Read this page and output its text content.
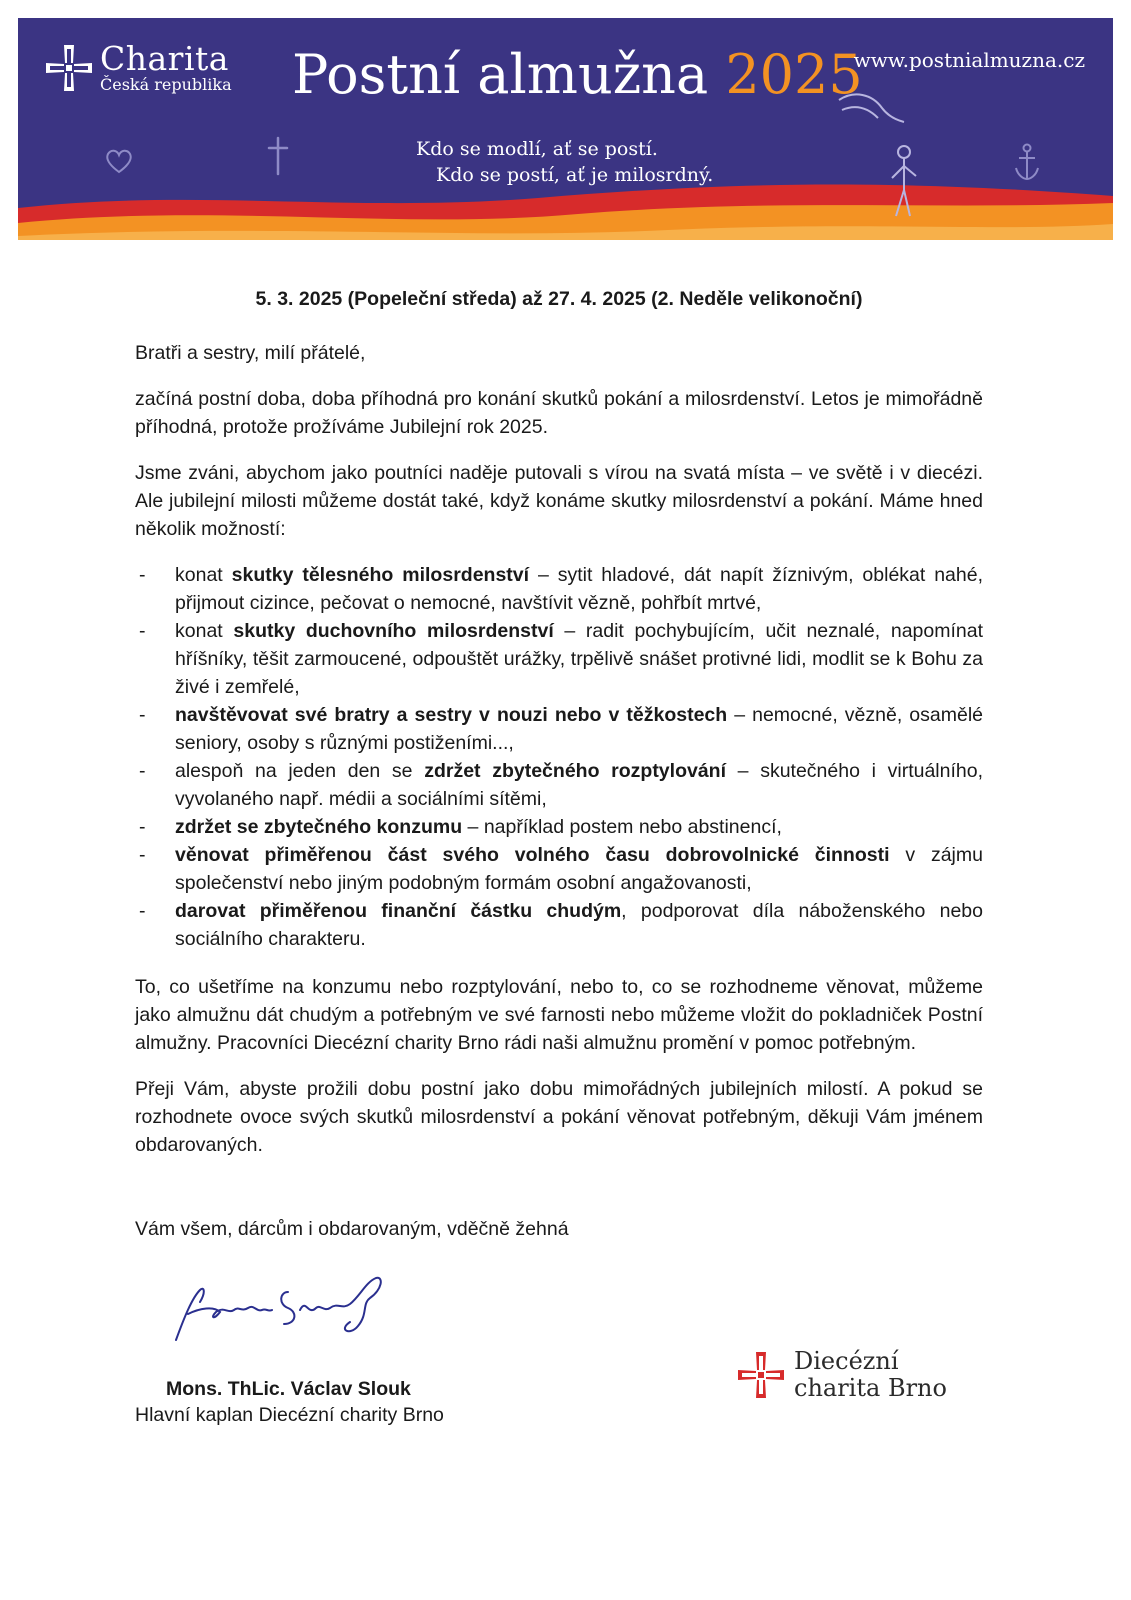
Charita
Česká republika Postní almužna 2025
www.postnialmuzna.cz
Kdo se modlí, ať se postí.
Kdo se postí, ať je milosrdný.
5. 3. 2025 (Popeleční středa) až 27. 4. 2025 (2. Neděle velikonoční)

Bratři a sestry, milí přátelé,

začíná postní doba, doba příhodná pro konání skutků pokání a milosrdenství. Letos je mimořádně příhodná, protože prožíváme Jubilejní rok 2025.

Jsme zváni, abychom jako poutníci naděje putovali s vírou na svatá místa – ve světě i v diecézi. Ale jubilejní milosti můžeme dostát také, když konáme skutky milosrdenství a pokání. Máme hned několik možností:

- konat skutky tělesného milosrdenství – sytit hladové, dát napít žíznivým, oblékat nahé, přijmout cizince, pečovat o nemocné, navštívit vězně, pohřbít mrtvé,
- konat skutky duchovního milosrdenství – radit pochybujícím, učit neznalé, napomínat hříšníky, těšit zarmoucené, odpouštět urážky, trpělivě snášet protivné lidi, modlit se k Bohu za živé i zemřelé,
- navštěvovat své bratry a sestry v nouzi nebo v těžkostech – nemocné, vězně, osamělé seniory, osoby s různými postiženími...,
- alespoň na jeden den se zdržet zbytečného rozptylování – skutečného i virtuálního, vyvolaného např. médii a sociálními sítěmi,
- zdržet se zbytečného konzumu – například postem nebo abstinencí,
- věnovat přiměřenou část svého volného času dobrovolnické činnosti v zájmu společenství nebo jiným podobným formám osobní angažovanosti,
- darovat přiměřenou finanční částku chudým, podporovat díla náboženského nebo sociálního charakteru.

To, co ušetříme na konzumu nebo rozptylování, nebo to, co se rozhodneme věnovat, můžeme jako almužnu dát chudým a potřebným ve své farnosti nebo můžeme vložit do pokladniček Postní almužny. Pracovníci Diecézní charity Brno rádi naši almužnu promění v pomoc potřebným.

Přeji Vám, abyste prožili dobu postní jako dobu mimořádných jubilejních milostí. A pokud se rozhodnete ovoce svých skutků milosrdenství a pokání věnovat potřebným, děkuji Vám jménem obdarovaných.

Vám všem, dárcům i obdarovaným, vděčně žehná
Mons. ThLic. Václav Slouk
Hlavní kaplan Diecézní charity Brno
Diecézní
charita Brno
